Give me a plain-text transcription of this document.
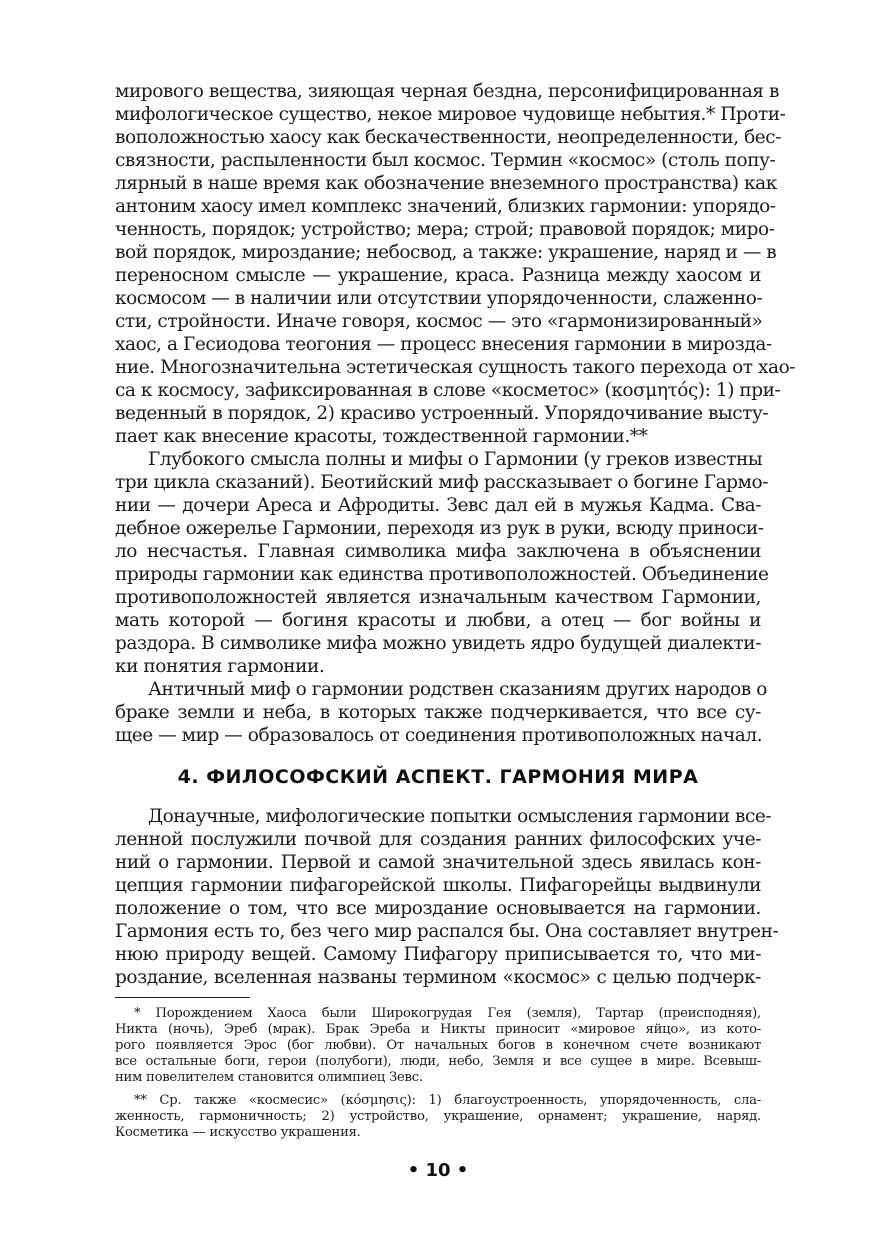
мирового вещества, зияющая черная бездна, персонифицированная в
мифологическое существо, некое мировое чудовище небытия.* Проти-
воположностью хаосу как бескачественности, неопределенности, бес-
связности, распыленности был космос. Термин «космос» (столь попу-
лярный в наше время как обозначение внеземного пространства) как
антоним хаосу имел комплекс значений, близких гармонии: упорядо-
ченность, порядок; устройство; мера; строй; правовой порядок; миро-
вой порядок, мироздание; небосвод, а также: украшение, наряд и — в
переносном смысле — украшение, краса. Разница между хаосом и
космосом — в наличии или отсутствии упорядоченности, слаженно-
сти, стройности. Иначе говоря, космос — это «гармонизированный»
хаос, а Гесиодова теогония — процесс внесения гармонии в мирозда-
ние. Многозначительна эстетическая сущность такого перехода от хао-
са к космосу, зафиксированная в слове «косметос» (κοσμητός): 1) при-
веденный в порядок, 2) красиво устроенный. Упорядочивание высту-
пает как внесение красоты, тождественной гармонии.**
Глубокого смысла полны и мифы о Гармонии (у греков известны
три цикла сказаний). Беотийский миф рассказывает о богине Гармо-
нии — дочери Ареса и Афродиты. Зевс дал ей в мужья Кадма. Сва-
дебное ожерелье Гармонии, переходя из рук в руки, всюду приноси-
ло несчастья. Главная символика мифа заключена в объяснении
природы гармонии как единства противоположностей. Объединение
противоположностей является изначальным качеством Гармонии,
мать которой — богиня красоты и любви, а отец — бог войны и
раздора. В символике мифа можно увидеть ядро будущей диалекти-
ки понятия гармонии.
Античный миф о гармонии родствен сказаниям других народов о
браке земли и неба, в которых также подчеркивается, что все су-
щее — мир — образовалось от соединения противоположных начал.
4. ФИЛОСОФСКИЙ АСПЕКТ. ГАРМОНИЯ МИРА
Донаучные, мифологические попытки осмысления гармонии все-
ленной послужили почвой для создания ранних философских уче-
ний о гармонии. Первой и самой значительной здесь явилась кон-
цепция гармонии пифагорейской школы. Пифагорейцы выдвинули
положение о том, что все мироздание основывается на гармонии.
Гармония есть то, без чего мир распался бы. Она составляет внутрен-
нюю природу вещей. Самому Пифагору приписывается то, что ми-
роздание, вселенная названы термином «космос» с целью подчерк-
* Порождением Хаоса были Широкогрудая Гея (земля), Тартар (преисподняя),
Никта (ночь), Эреб (мрак). Брак Эреба и Никты приносит «мировое яйцо», из кото-
рого появляется Эрос (бог любви). От начальных богов в конечном счете возникают
все остальные боги, герои (полубоги), люди, небо, Земля и все сущее в мире. Всевыш-
ним повелителем становится олимпиец Зевс.
** Ср. также «космесис» (κόσμησις): 1) благоустроенность, упорядоченность, сла-
женность, гармоничность; 2) устройство, украшение, орнамент; украшение, наряд.
Косметика — искусство украшения.
• 10 •
